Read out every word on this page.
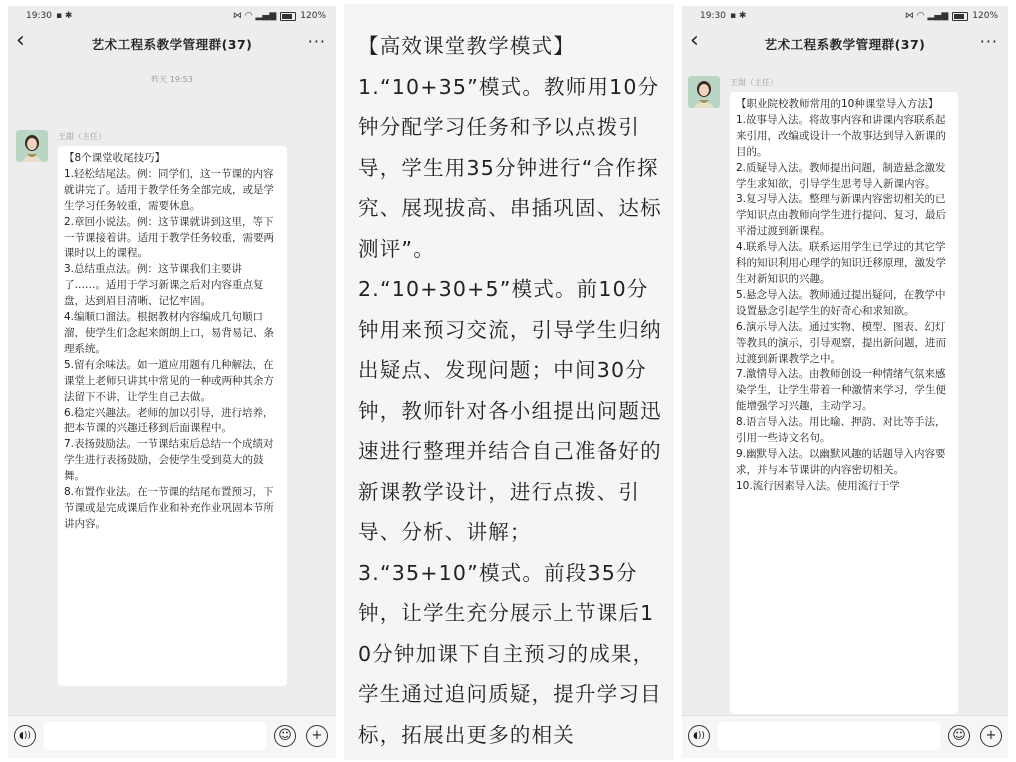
19:30 ▪ ✱	⋈ ◠ ▂▄▆	120%
‹	艺术工程系教学管理群(37)	···
昨天 19:53
王甜（主任）

【8个课堂收尾技巧】

1.轻松结尾法。例：同学们，这一节课的内容就讲完了。适用于教学任务全部完成，或是学生学习任务较重，需要休息。

2.章回小说法。例：这节课就讲到这里，等下一节课接着讲。适用于教学任务较重，需要两课时以上的课程。

3.总结重点法。例：这节课我们主要讲了……。适用于学习新课之后对内容重点复盘，达到眉目清晰、记忆牢固。

4.编顺口溜法。根据教材内容编成几句顺口溜，使学生们念起来朗朗上口，易背易记、条理系统。

5.留有余味法。如一道应用题有几种解法，在课堂上老师只讲其中常见的一种或两种其余方法留下不讲，让学生自己去做。

6.稳定兴趣法。老师的加以引导，进行培养，把本节课的兴趣迁移到后面课程中。

7.表扬鼓励法。一节课结束后总结一个成绩对学生进行表扬鼓励，会使学生受到莫大的鼓舞。

8.布置作业法。在一节课的结尾布置预习，下节课或是完成课后作业和补充作业巩固本节所讲内容。

◖))	☺	+

【高效课堂教学模式】

1.“10+35”模式。教师用10分钟分配学习任务和予以点拨引导，学生用35分钟进行“合作探究、展现拔高、串插巩固、达标测评”。

2.“10+30+5”模式。前10分钟用来预习交流，引导学生归纳出疑点、发现问题；中间30分钟，教师针对各小组提出问题迅速进行整理并结合自己准备好的新课教学设计，进行点拨、引导、分析、讲解；

3.“35+10”模式。前段35分钟，让学生充分展示上节课后10分钟加课下自主预习的成果，学生通过追问质疑，提升学习目标，拓展出更多的相关

19:30 ▪ ✱	⋈ ◠ ▂▄▆	120%
‹	艺术工程系教学管理群(37)	···
王甜（主任）

【职业院校教师常用的10种课堂导入方法】

1.故事导入法。将故事内容和讲课内容联系起来引用，改编或设计一个故事达到导入新课的目的。

2.质疑导入法。教师提出问题，制造悬念激发学生求知欲，引导学生思考导入新课内容。

3.复习导入法。整理与新课内容密切相关的已学知识点由教师向学生进行提问、复习，最后平滑过渡到新课程。

4.联系导入法。联系运用学生已学过的其它学科的知识利用心理学的知识迁移原理，激发学生对新知识的兴趣。

5.悬念导入法。教师通过提出疑问，在教学中设置悬念引起学生的好奇心和求知欲。

6.演示导入法。通过实物、模型、图表、幻灯等教具的演示，引导观察，提出新问题，进而过渡到新课教学之中。

7.激情导入法。由教师创设一种情绪气氛来感染学生，让学生带着一种激情来学习，学生便能增强学习兴趣，主动学习。

8.语言导入法。用比喻、押韵、对比等手法，引用一些诗文名句。

9.幽默导入法。以幽默风趣的话题导入内容要求，并与本节课讲的内容密切相关。

10.流行因素导入法。使用流行于学

◖))	☺	+
